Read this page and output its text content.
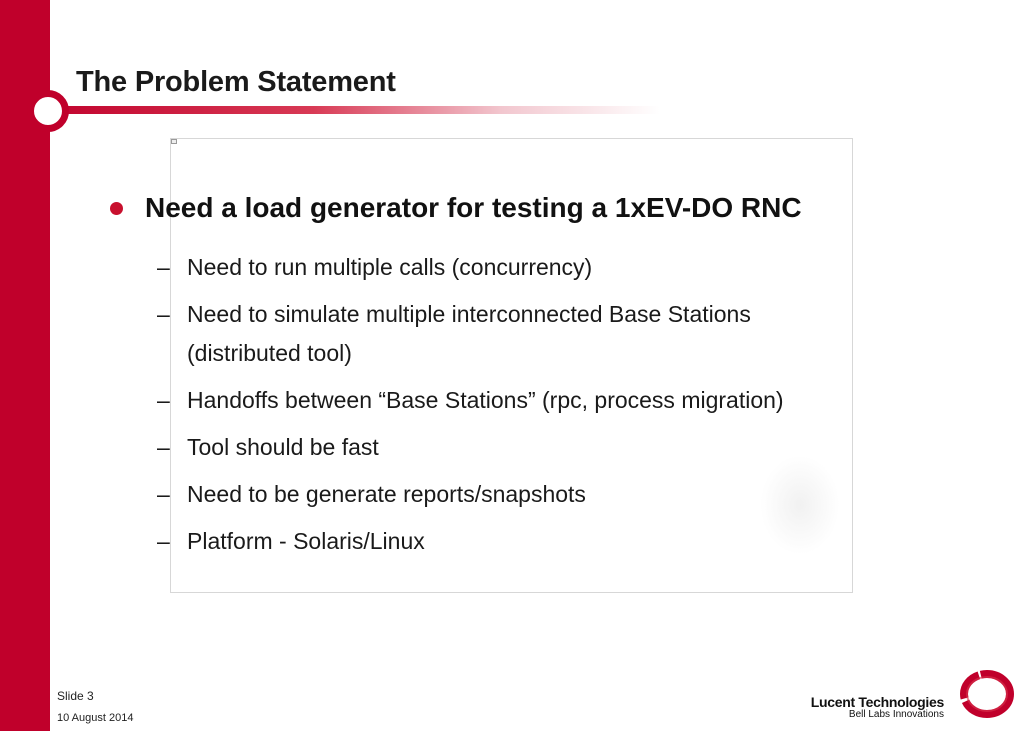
The Problem Statement
Need a load generator for testing a 1xEV-DO RNC
– Need to run multiple calls (concurrency)
– Need to simulate multiple interconnected Base Stations (distributed tool)
– Handoffs between “Base Stations” (rpc, process migration)
– Tool should be fast
– Need to be generate reports/snapshots
– Platform - Solaris/Linux
Slide 3
10 August 2014
Lucent Technologies
Bell Labs Innovations
